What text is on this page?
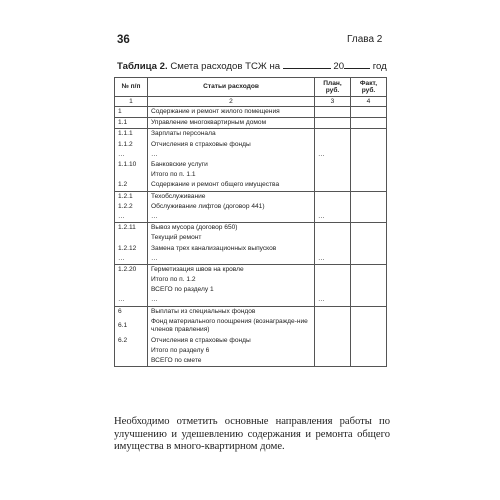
36	Глава 2
Таблица 2. Смета расходов ТСЖ на	20	год
№ п/п	Статьи расходов	План, руб.	Факт, руб.
1	2	3	4
1	Содержание и ремонт жилого помещения		
1.1	Управление многоквартирным домом		
1.1.1	Зарплаты персонала		
1.1.2	Отчисления в страховые фонды		
…	…	…	
1.1.10	Банковские услуги		
	Итого по п. 1.1		
1.2	Содержание и ремонт общего имущества		
1.2.1	Техобслуживание		
1.2.2	Обслуживание лифтов (договор 441)		
…	…	…	
1.2.11	Вывоз мусора (договор 650)		
	Текущий ремонт		
1.2.12	Замена трех канализационных выпусков		
…	…	…	
1.2.20	Герметизация швов на кровле		
	Итого по п. 1.2		
	ВСЕГО по разделу 1		
…	…	…	
6	Выплаты из специальных фондов		
6.1	Фонд материального поощрения (вознагражде-ние членов правления)		
6.2	Отчисления в страховые фонды		
	Итого по разделу 6		
	ВСЕГО по смете		
Необходимо отметить основные направления работы по улучшению и удешевлению содержания и ремонта общего имущества в много-квартирном доме.
